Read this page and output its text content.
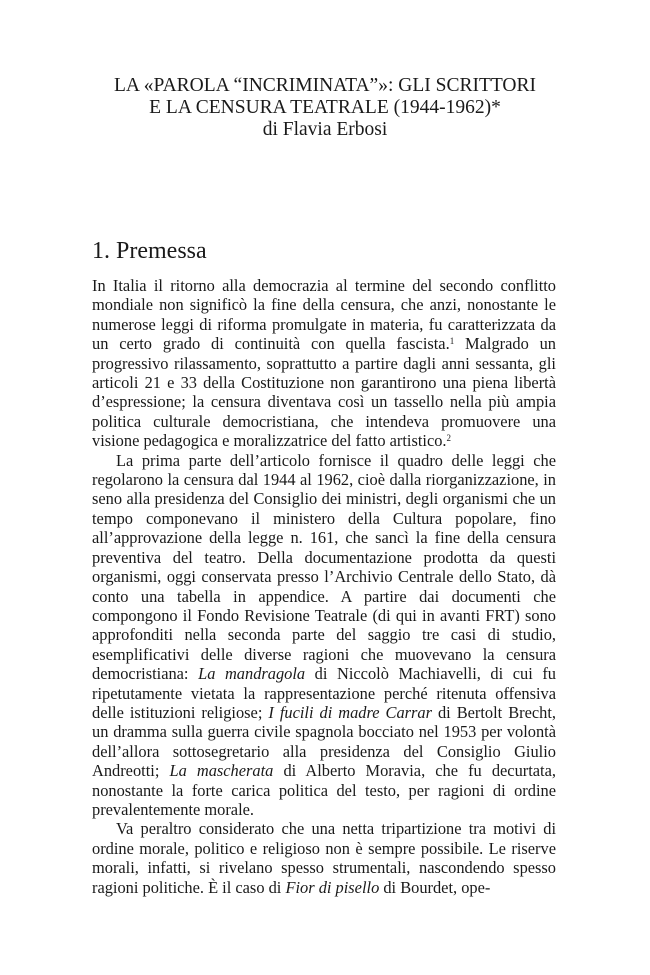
LA «PAROLA “INCRIMINATA”»: GLI SCRITTORI
E LA CENSURA TEATRALE (1944-1962)*
di Flavia Erbosi
1. Premessa

In Italia il ritorno alla democrazia al termine del secondo conflitto mondiale non significò la fine della censura, che anzi, nonostante le numerose leggi di riforma promulgate in materia, fu caratterizzata da un certo grado di continuità con quella fascista.$^1$ Malgrado un progressivo rilassamento, soprattutto a partire dagli anni sessanta, gli articoli 21 e 33 della Costituzione non garantirono una piena libertà d’espressione; la censura diventava così un tassello nella più ampia politica culturale democristiana, che intendeva promuovere una visione pedagogica e moralizzatrice del fatto artistico.$^2$

La prima parte dell’articolo fornisce il quadro delle leggi che regolarono la censura dal 1944 al 1962, cioè dalla riorganizzazione, in seno alla presidenza del Consiglio dei ministri, degli organismi che un tempo componevano il ministero della Cultura popolare, fino all’approvazione della legge n. 161, che sancì la fine della censura preventiva del teatro. Della documentazione prodotta da questi organismi, oggi conservata presso l’Archivio Centrale dello Stato, dà conto una tabella in appendice. A partire dai documenti che compongono il Fondo Revisione Teatrale (di qui in avanti FRT) sono approfonditi nella seconda parte del saggio tre casi di studio, esemplificativi delle diverse ragioni che muovevano la censura democristiana: La mandragola di Niccolò Machiavelli, di cui fu ripetutamente vietata la rappresentazione perché ritenuta offensiva delle istituzioni religiose; I fucili di madre Carrar di Bertolt Brecht, un dramma sulla guerra civile spagnola bocciato nel 1953 per volontà dell’allora sottosegretario alla presidenza del Consiglio Giulio Andreotti; La mascherata di Alberto Moravia, che fu decurtata, nonostante la forte carica politica del testo, per ragioni di ordine prevalentemente morale.

Va peraltro considerato che una netta tripartizione tra motivi di ordine morale, politico e religioso non è sempre possibile. Le riserve morali, infatti, si rivelano spesso strumentali, nascondendo spesso ragioni politiche. È il caso di Fior di pisello di Bourdet, ope-
